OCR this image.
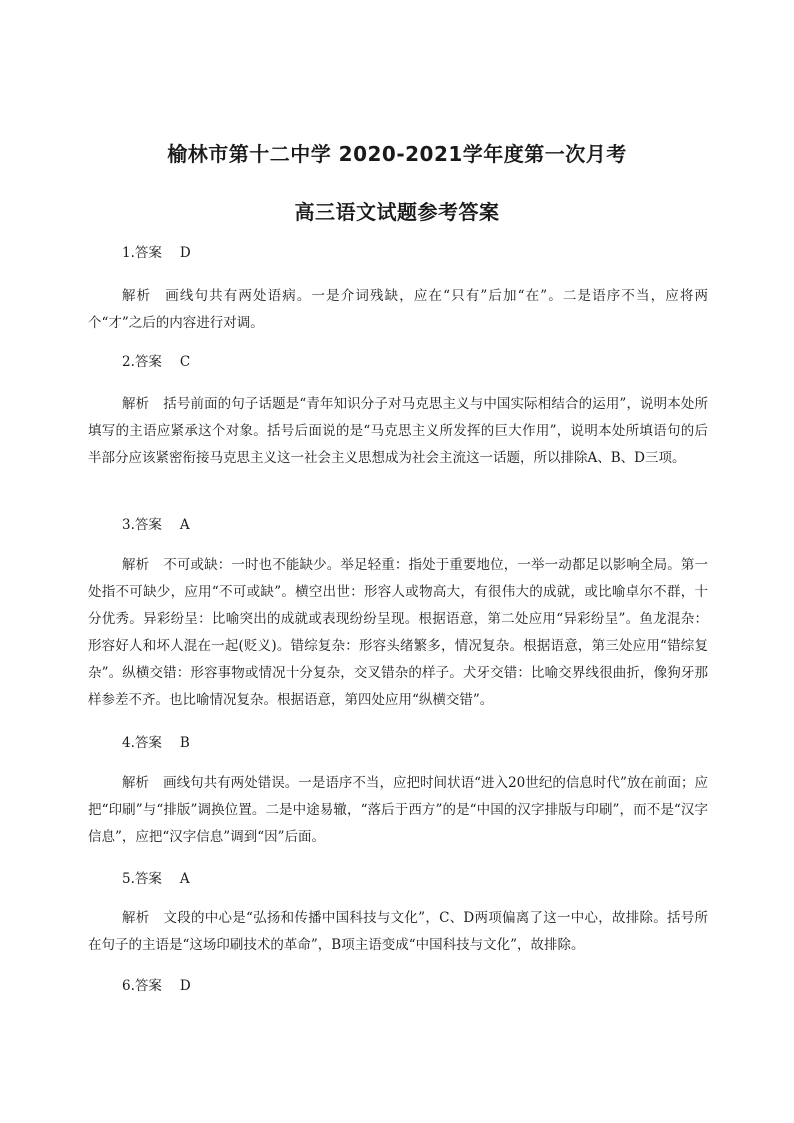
榆林市第十二中学 2020-2021学年度第一次月考
高三语文试题参考答案
1.答案 D

解析 画线句共有两处语病。一是介词残缺，应在“只有”后加“在”。二是语序不当，应将两个“才”之后的内容进行对调。

2.答案 C

解析 括号前面的句子话题是“青年知识分子对马克思主义与中国实际相结合的运用”，说明本处所填写的主语应紧承这个对象。括号后面说的是“马克思主义所发挥的巨大作用”，说明本处所填语句的后半部分应该紧密衔接马克思主义这一社会主义思想成为社会主流这一话题，所以排除A、B、D三项。

3.答案 A

解析 不可或缺：一时也不能缺少。举足轻重：指处于重要地位，一举一动都足以影响全局。第一处指不可缺少，应用“不可或缺”。横空出世：形容人或物高大，有很伟大的成就，或比喻卓尔不群，十分优秀。异彩纷呈：比喻突出的成就或表现纷纷呈现。根据语意，第二处应用“异彩纷呈”。鱼龙混杂：形容好人和坏人混在一起(贬义)。错综复杂：形容头绪繁多，情况复杂。根据语意，第三处应用“错综复杂”。纵横交错：形容事物或情况十分复杂，交叉错杂的样子。犬牙交错：比喻交界线很曲折，像狗牙那样参差不齐。也比喻情况复杂。根据语意，第四处应用“纵横交错”。

4.答案 B

解析 画线句共有两处错误。一是语序不当，应把时间状语“进入20世纪的信息时代”放在前面；应把“印刷”与“排版”调换位置。二是中途易辙，“落后于西方”的是“中国的汉字排版与印刷”，而不是“汉字信息”，应把“汉字信息”调到“因”后面。

5.答案 A

解析 文段的中心是“弘扬和传播中国科技与文化”，C、D两项偏离了这一中心，故排除。括号所在句子的主语是“这场印刷技术的革命”，B项主语变成“中国科技与文化”，故排除。

6.答案 D
